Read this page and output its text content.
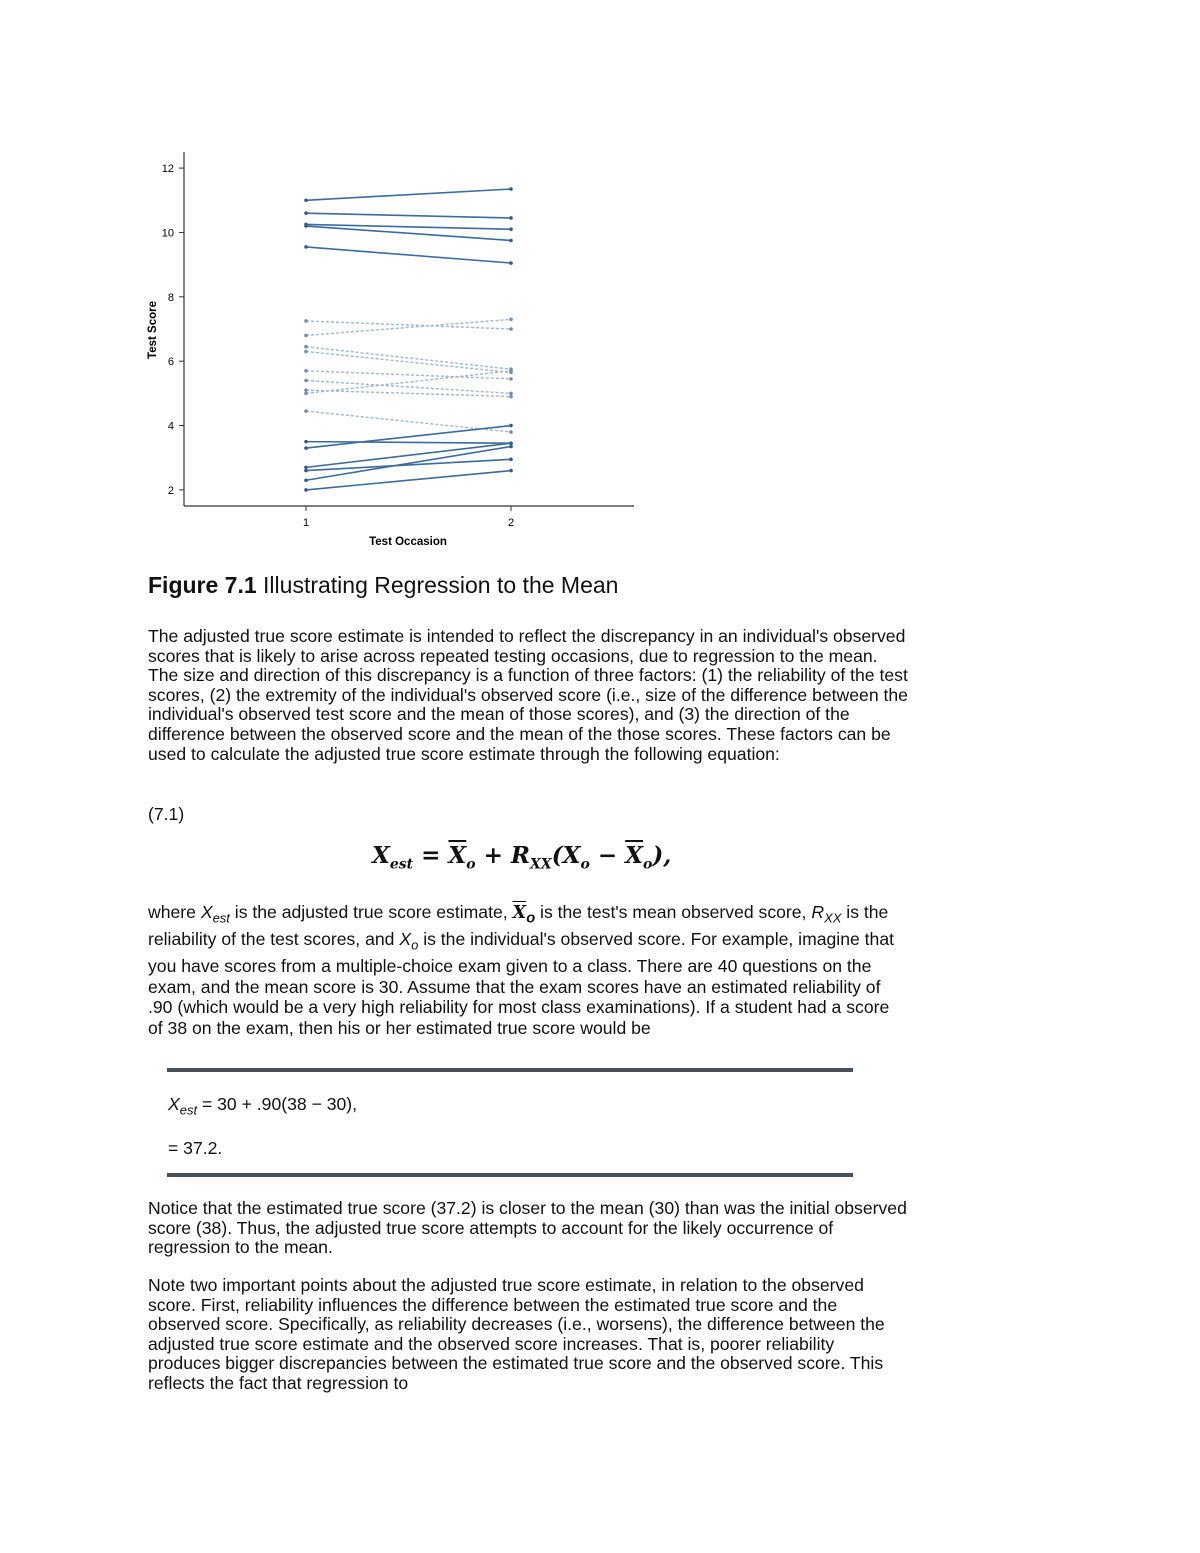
2
4
6
8
10
12
1	2
Test Occasion
Test Score
Figure 7.1 Illustrating Regression to the Mean

The adjusted true score estimate is intended to reflect the discrepancy in an individual's observed scores that is likely to arise across repeated testing occasions, due to regression to the mean. The size and direction of this discrepancy is a function of three factors: (1) the reliability of the test scores, (2) the extremity of the individual's observed score (i.e., size of the difference between the individual's observed test score and the mean of those scores), and (3) the direction of the difference between the observed score and the mean of the those scores. These factors can be used to calculate the adjusted true score estimate through the following equation:

(7.1)
$X_{est} = \overline{X}_o + R_{XX}(X_o - \overline{X}_o)$,

where $X_{est}$ is the adjusted true score estimate, $\overline{X}_o$ is the test's mean observed score, $R_{XX}$ is the reliability of the test scores, and $X_o$ is the individual's observed score. For example, imagine that you have scores from a multiple-choice exam given to a class. There are 40 questions on the exam, and the mean score is 30. Assume that the exam scores have an estimated reliability of .90 (which would be a very high reliability for most class examinations). If a student had a score of 38 on the exam, then his or her estimated true score would be

$X_{est} = 30 + .90(38 - 30)$,
= 37.2.

Notice that the estimated true score (37.2) is closer to the mean (30) than was the initial observed score (38). Thus, the adjusted true score attempts to account for the likely occurrence of regression to the mean.

Note two important points about the adjusted true score estimate, in relation to the observed score. First, reliability influences the difference between the estimated true score and the observed score. Specifically, as reliability decreases (i.e., worsens), the difference between the adjusted true score estimate and the observed score increases. That is, poorer reliability produces bigger discrepancies between the estimated true score and the observed score. This reflects the fact that regression to
